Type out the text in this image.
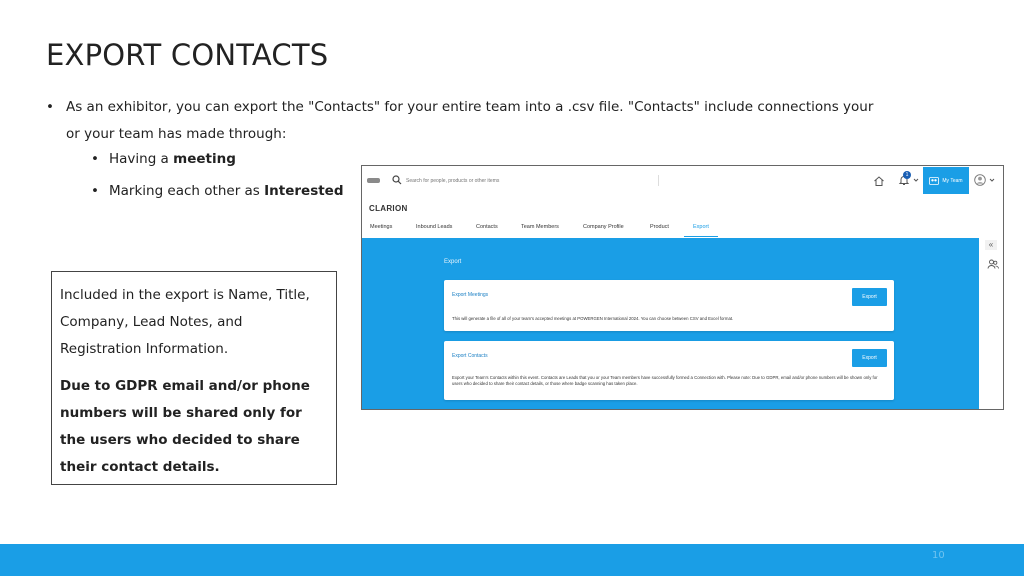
EXPORT CONTACTS
• As an exhibitor, you can export the "Contacts" for your entire team into a .csv file. "Contacts" include connections your or your team has made through:
• Having a meeting
• Marking each other as Interested

Included in the export is Name, Title, Company, Lead Notes, and Registration Information.

Due to GDPR email and/or phone numbers will be shared only for the users who decided to share their contact details.

Search for people, products or other items
1
My Team
CLARION
Meetings	Inbound Leads	Contacts	Team Members	Company Profile	Product	Export
Export
Export Meetings	Export
This will generate a file of all of your team's accepted meetings at POWERGEN International 2024. You can choose between CSV and Excel format.
Export Contacts	Export
Export your Team's Contacts within this event. Contacts are Leads that you or your Team members have successfully formed a Connection with. Please note: Due to GDPR, email and/or phone numbers will be shown only for users who decided to share their contact details, or those where badge scanning has taken place.
«
10
